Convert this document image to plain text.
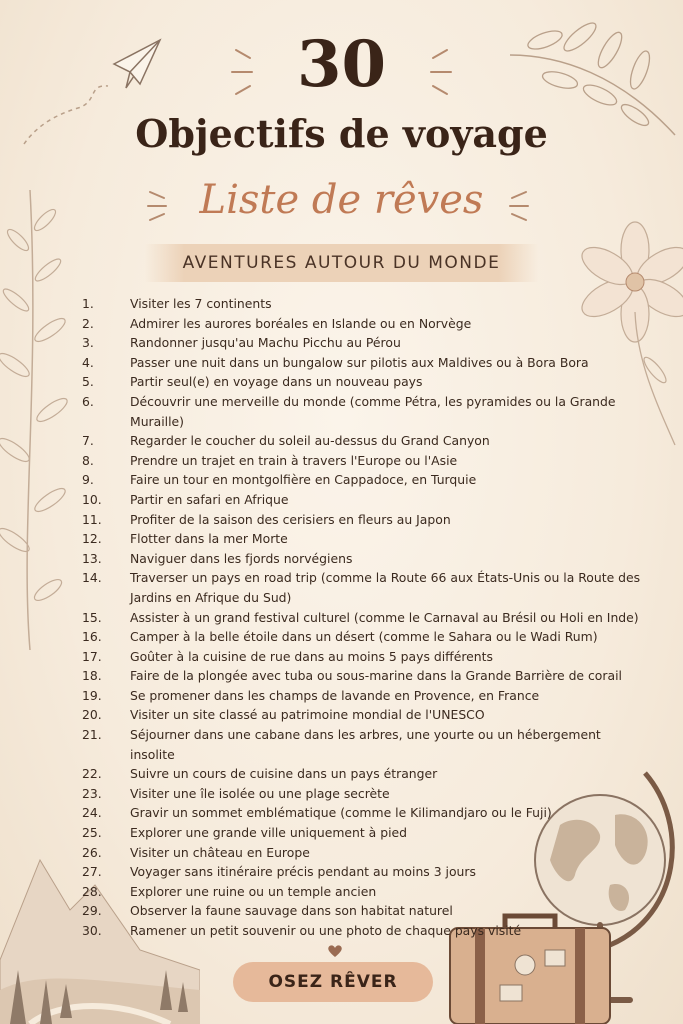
30
Objectifs de voyage
Liste de rêves
AVENTURES AUTOUR DU MONDE
1.	Visiter les 7 continents
2.	Admirer les aurores boréales en Islande ou en Norvège
3.	Randonner jusqu'au Machu Picchu au Pérou
4.	Passer une nuit dans un bungalow sur pilotis aux Maldives ou à Bora Bora
5.	Partir seul(e) en voyage dans un nouveau pays
6.	Découvrir une merveille du monde (comme Pétra, les pyramides ou la Grande Muraille)
7.	Regarder le coucher du soleil au-dessus du Grand Canyon
8.	Prendre un trajet en train à travers l'Europe ou l'Asie
9.	Faire un tour en montgolfière en Cappadoce, en Turquie
10.	Partir en safari en Afrique
11.	Profiter de la saison des cerisiers en fleurs au Japon
12.	Flotter dans la mer Morte
13.	Naviguer dans les fjords norvégiens
14.	Traverser un pays en road trip (comme la Route 66 aux États-Unis ou la Route des Jardins en Afrique du Sud)
15.	Assister à un grand festival culturel (comme le Carnaval au Brésil ou Holi en Inde)
16.	Camper à la belle étoile dans un désert (comme le Sahara ou le Wadi Rum)
17.	Goûter à la cuisine de rue dans au moins 5 pays différents
18.	Faire de la plongée avec tuba ou sous-marine dans la Grande Barrière de corail
19.	Se promener dans les champs de lavande en Provence, en France
20.	Visiter un site classé au patrimoine mondial de l'UNESCO
21.	Séjourner dans une cabane dans les arbres, une yourte ou un hébergement insolite
22.	Suivre un cours de cuisine dans un pays étranger
23.	Visiter une île isolée ou une plage secrète
24.	Gravir un sommet emblématique (comme le Kilimandjaro ou le Fuji)
25.	Explorer une grande ville uniquement à pied
26.	Visiter un château en Europe
27.	Voyager sans itinéraire précis pendant au moins 3 jours
28.	Explorer une ruine ou un temple ancien
29.	Observer la faune sauvage dans son habitat naturel
30.	Ramener un petit souvenir ou une photo de chaque pays visité
OSEZ RÊVER
